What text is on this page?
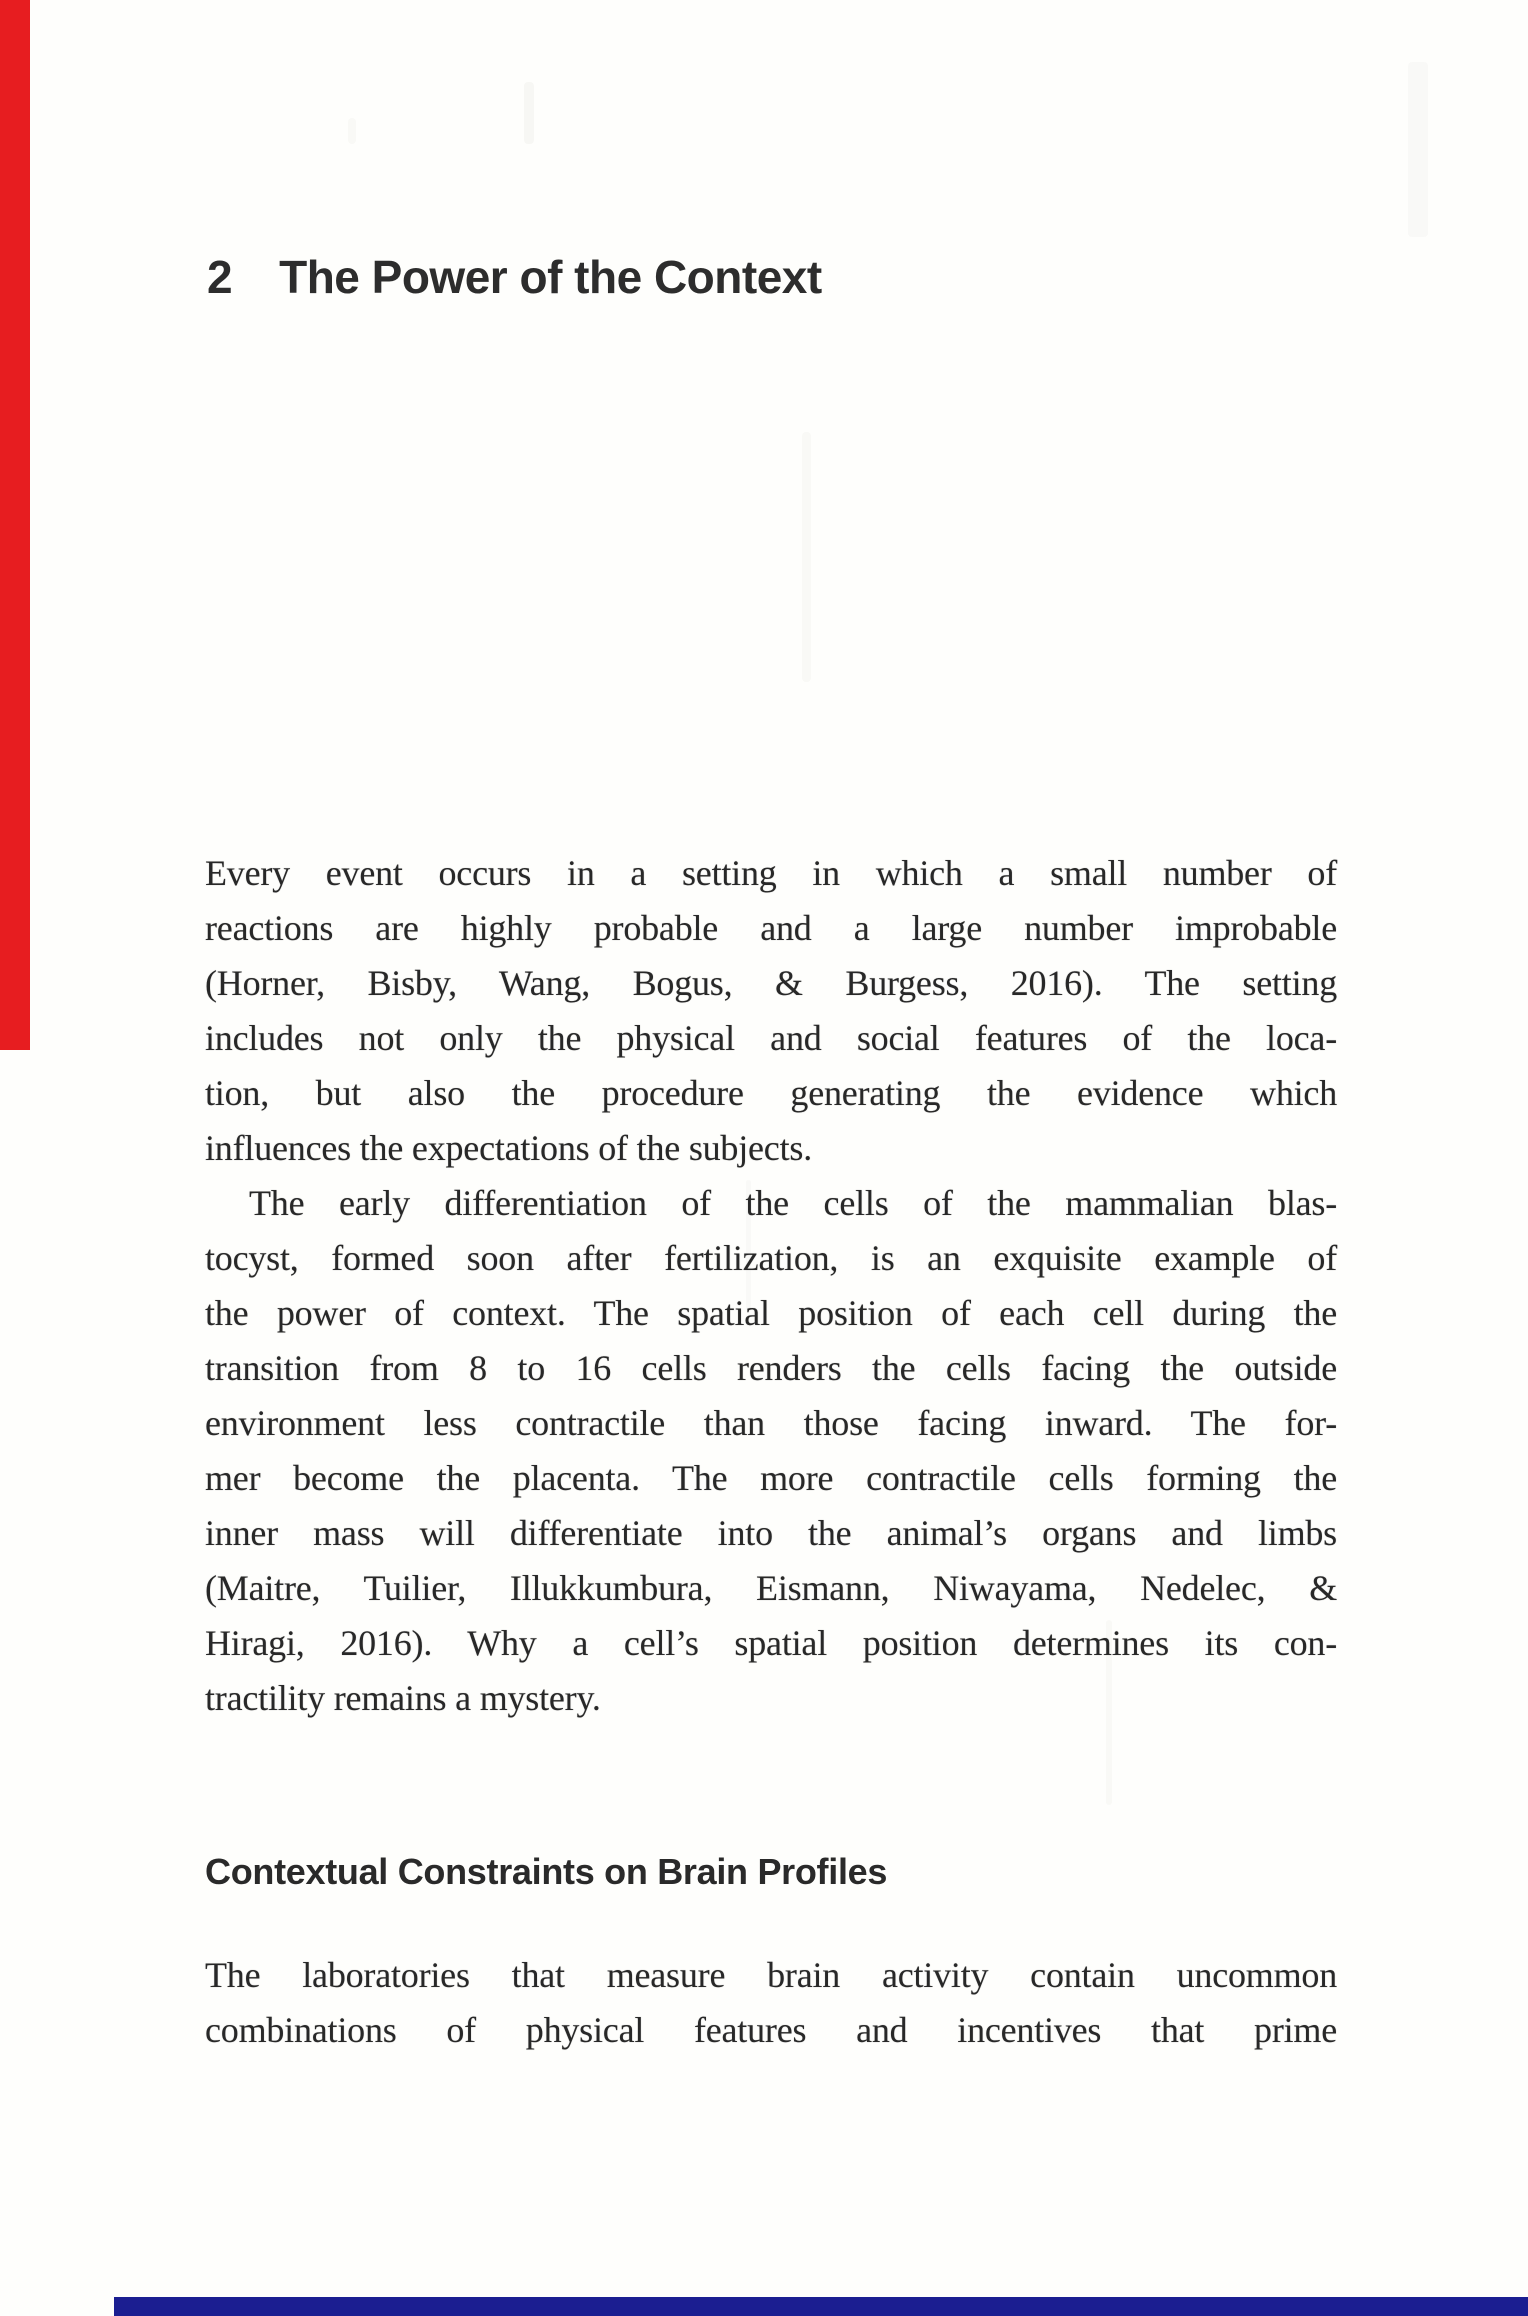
2 The Power of the Context
Every event occurs in a setting in which a small number of
reactions are highly probable and a large number improbable
(Horner, Bisby, Wang, Bogus, & Burgess, 2016). The setting
includes not only the physical and social features of the loca-
tion, but also the procedure generating the evidence which
influences the expectations of the subjects.
The early differentiation of the cells of the mammalian blas-
tocyst, formed soon after fertilization, is an exquisite example of
the power of context. The spatial position of each cell during the
transition from 8 to 16 cells renders the cells facing the outside
environment less contractile than those facing inward. The for-
mer become the placenta. The more contractile cells forming the
inner mass will differentiate into the animal’s organs and limbs
(Maitre, Tuilier, Illukkumbura, Eismann, Niwayama, Nedelec, &
Hiragi, 2016). Why a cell’s spatial position determines its con-
tractility remains a mystery.
Contextual Constraints on Brain Profiles
The laboratories that measure brain activity contain uncommon
combinations of physical features and incentives that prime
